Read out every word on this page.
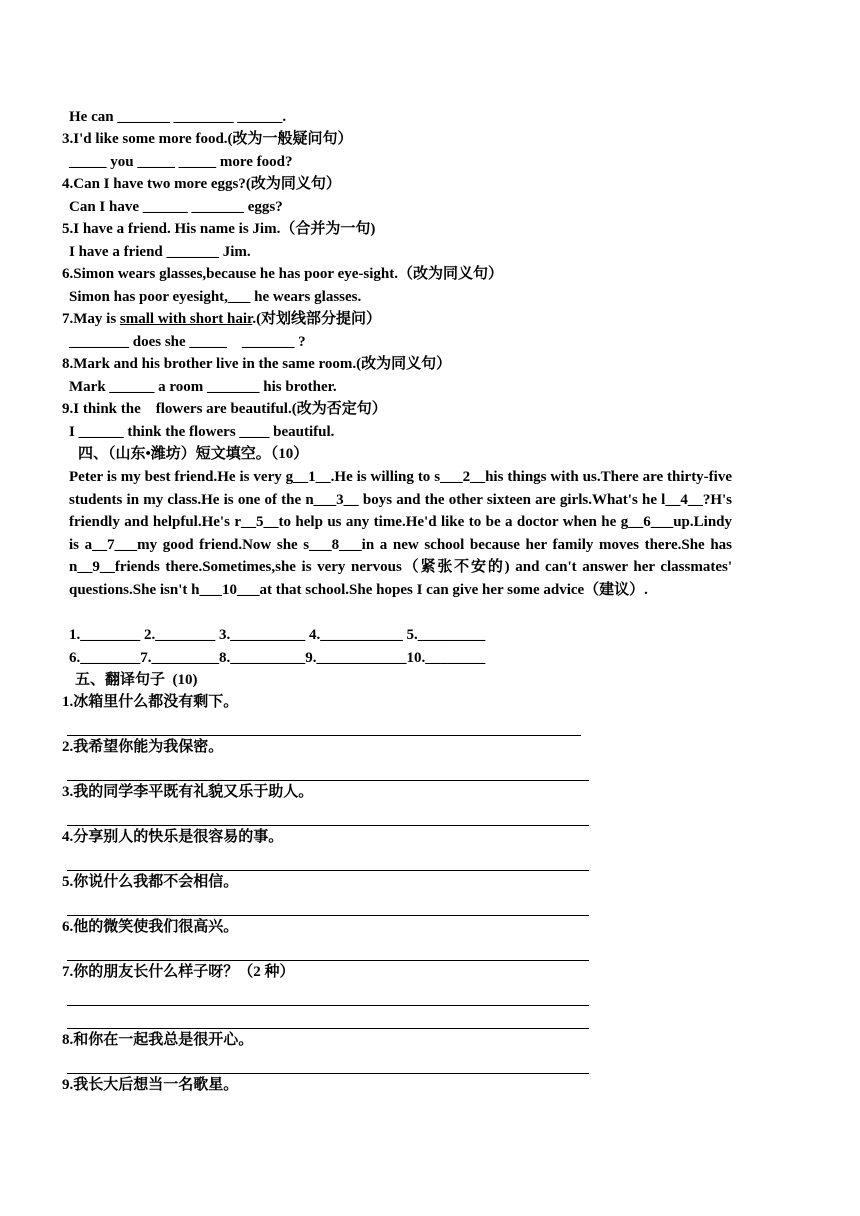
He can _______ ________ ______.
3.I'd like some more food.(改为一般疑问句）
_____ you _____ _____ more food?
4.Can I have two more eggs?(改为同义句）
Can I have ______ _______ eggs?
5.I have a friend. His name is Jim.（合并为一句)
I have a friend _______ Jim.
6.Simon wears glasses,because he has poor eye-sight.（改为同义句）
Simon has poor eyesight,___ he wears glasses.
7.May is small with short hair.(对划线部分提问）
________ does she _____    _______ ?
8.Mark and his brother live in the same room.(改为同义句）
Mark ______ a room _______ his brother.
9.I think the    flowers are beautiful.(改为否定句）
I ______ think the flowers ____ beautiful.
四、（山东•潍坊）短文填空。（10）
Peter is my best friend.He is very g__1__.He is willing to s___2__his things with us.There are thirty-five students in my class.He is one of the n___3__ boys and the other sixteen are girls.What's he l__4__?H's friendly and helpful.He's r__5__to help us any time.He'd like to be a doctor when he g__6___up.Lindy is a__7___my good friend.Now she s___8___in a new school because her family moves there.She has n__9__friends there.Sometimes,she is very nervous（紧张不安的) and can't answer her classmates' questions.She isn't h___10___at that school.She hopes I can give her some advice（建议）.
1.________ 2.________ 3.__________ 4.___________ 5._________
6.________7._________8.__________9.____________10.________
五、翻译句子  (10)
1.冰箱里什么都没有剩下。
2.我希望你能为我保密。
3.我的同学李平既有礼貌又乐于助人。
4.分享别人的快乐是很容易的事。
5.你说什么我都不会相信。
6.他的微笑使我们很高兴。
7.你的朋友长什么样子呀？（2 种）
8.和你在一起我总是很开心。
9.我长大后想当一名歌星。
